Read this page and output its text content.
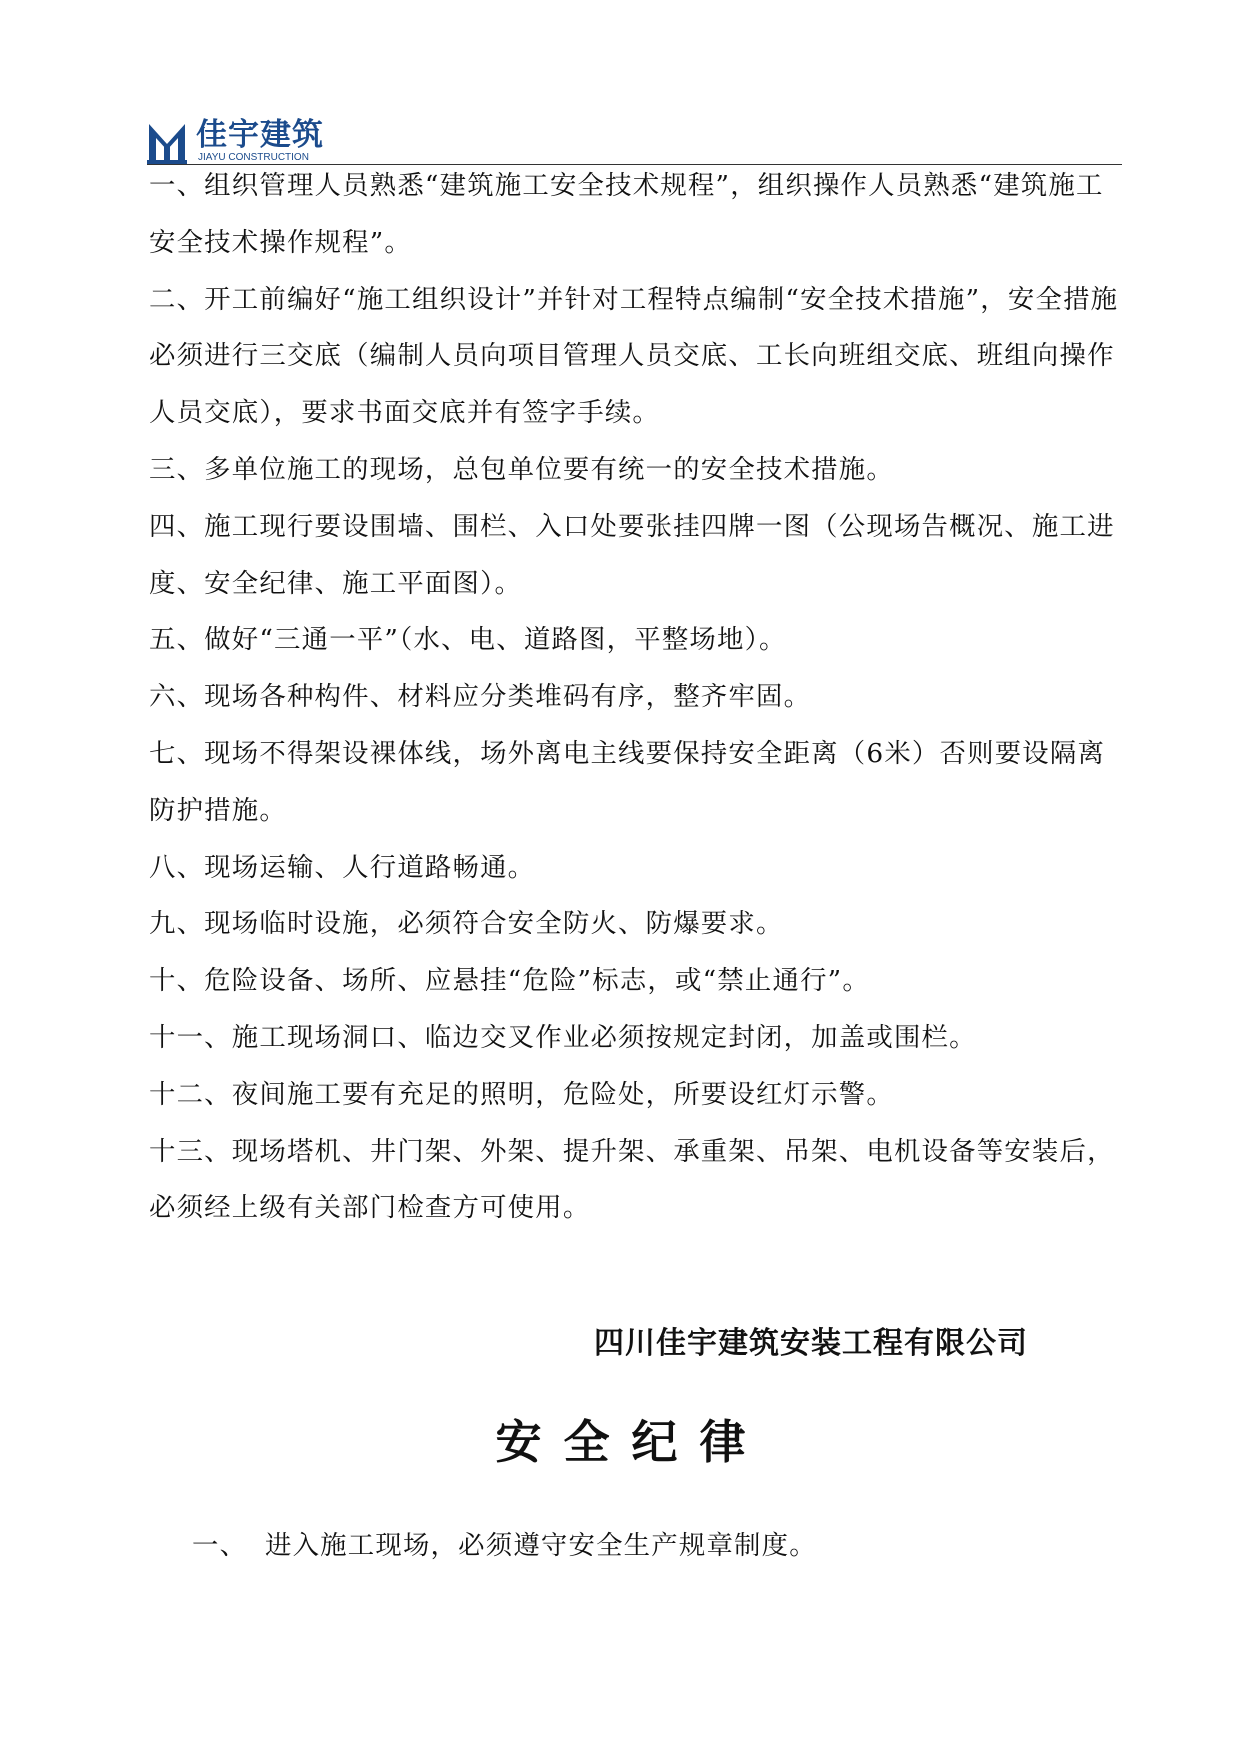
佳宇建筑
JIAYU CONSTRUCTION

一、组织管理人员熟悉“建筑施工安全技术规程”，组织操作人员熟悉“建筑施工安全技术操作规程”。

二、开工前编好“施工组织设计”并针对工程特点编制“安全技术措施”，安全措施必须进行三交底（编制人员向项目管理人员交底、工长向班组交底、班组向操作人员交底），要求书面交底并有签字手续。

三、多单位施工的现场，总包单位要有统一的安全技术措施。

四、施工现行要设围墙、围栏、入口处要张挂四牌一图（公现场告概况、施工进度、安全纪律、施工平面图）。

五、做好“三通一平”（水、电、道路图，平整场地）。

六、现场各种构件、材料应分类堆码有序，整齐牢固。

七、现场不得架设裸体线，场外离电主线要保持安全距离（6米）否则要设隔离防护措施。

八、现场运输、人行道路畅通。

九、现场临时设施，必须符合安全防火、防爆要求。

十、危险设备、场所、应悬挂“危险”标志，或“禁止通行”。

十一、施工现场洞口、临边交叉作业必须按规定封闭，加盖或围栏。

十二、夜间施工要有充足的照明，危险处，所要设红灯示警。

十三、现场塔机、井门架、外架、提升架、承重架、吊架、电机设备等安装后，必须经上级有关部门检查方可使用。

四川佳宇建筑安装工程有限公司
安全纪律
一、 进入施工现场，必须遵守安全生产规章制度。
